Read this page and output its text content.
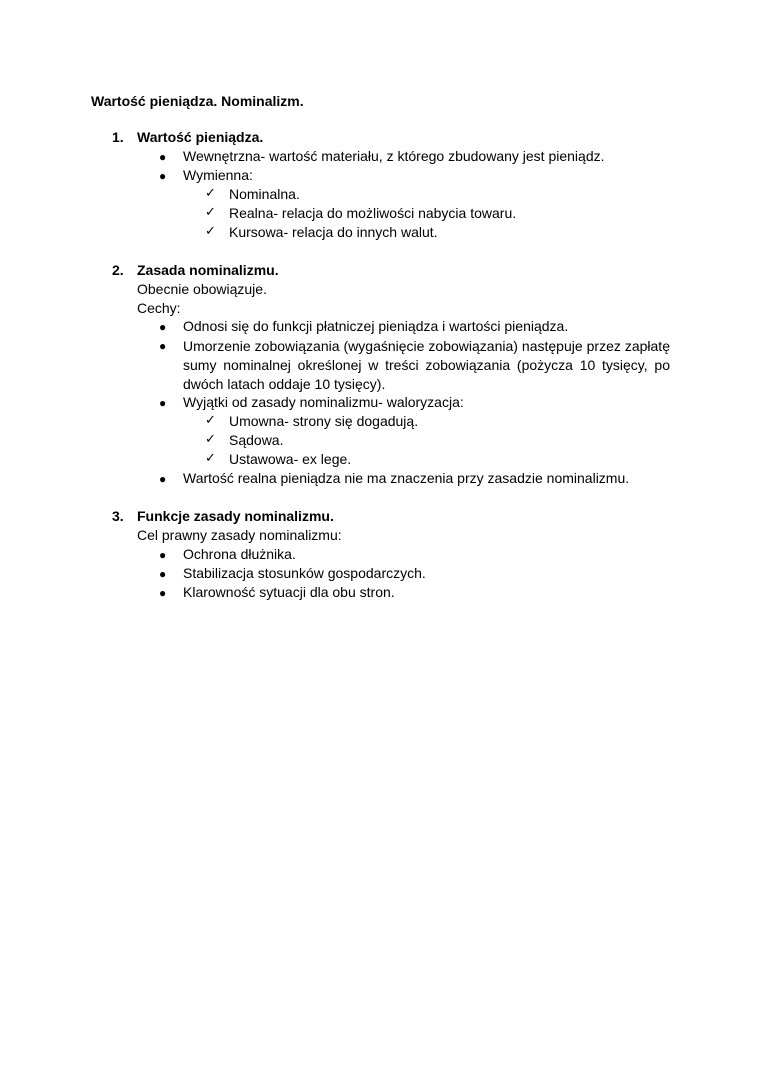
Wartość pieniądza. Nominalizm.
1. Wartość pieniądza.
● Wewnętrzna- wartość materiału, z którego zbudowany jest pieniądz.
● Wymienna:
✓ Nominalna.
✓ Realna- relacja do możliwości nabycia towaru.
✓ Kursowa- relacja do innych walut.
2. Zasada nominalizmu.
Obecnie obowiązuje.
Cechy:
● Odnosi się do funkcji płatniczej pieniądza i wartości pieniądza.
● Umorzenie zobowiązania (wygaśnięcie zobowiązania) następuje przez zapłatę sumy nominalnej określonej w treści zobowiązania (pożycza 10 tysięcy, po dwóch latach oddaje 10 tysięcy).
● Wyjątki od zasady nominalizmu- waloryzacja:
✓ Umowna- strony się dogadują.
✓ Sądowa.
✓ Ustawowa- ex lege.
● Wartość realna pieniądza nie ma znaczenia przy zasadzie nominalizmu.
3. Funkcje zasady nominalizmu.
Cel prawny zasady nominalizmu:
● Ochrona dłużnika.
● Stabilizacja stosunków gospodarczych.
● Klarowność sytuacji dla obu stron.
